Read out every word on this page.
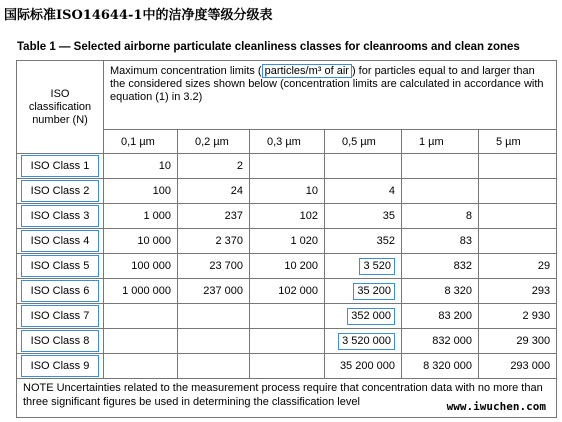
国际标准ISO14644-1中的洁净度等级分级表
Table 1 — Selected airborne particulate cleanliness classes for cleanrooms and clean zones
ISO classification number (N)	Maximum concentration limits ( particles/m³ of air ) for particles equal to and larger than the considered sizes shown below (concentration limits are calculated in accordance with equation (1) in 3.2)					
	0,1 µm	0,2 µm	0,3 µm	0,5 µm	1 µm	5 µm
ISO Class 1	10	2				
ISO Class 2	100	24	10	4		
ISO Class 3	1 000	237	102	35	8	
ISO Class 4	10 000	2 370	1 020	352	83	
ISO Class 5	100 000	23 700	10 200	3 520	832	29
ISO Class 6	1 000 000	237 000	102 000	35 200	8 320	293
ISO Class 7				352 000	83 200	2 930
ISO Class 8				3 520 000	832 000	29 300
ISO Class 9				35 200 000	8 320 000	293 000
NOTE Uncertainties related to the measurement process require that concentration data with no more than three significant figures be used in determining the classification level							www.iwuchen.com
